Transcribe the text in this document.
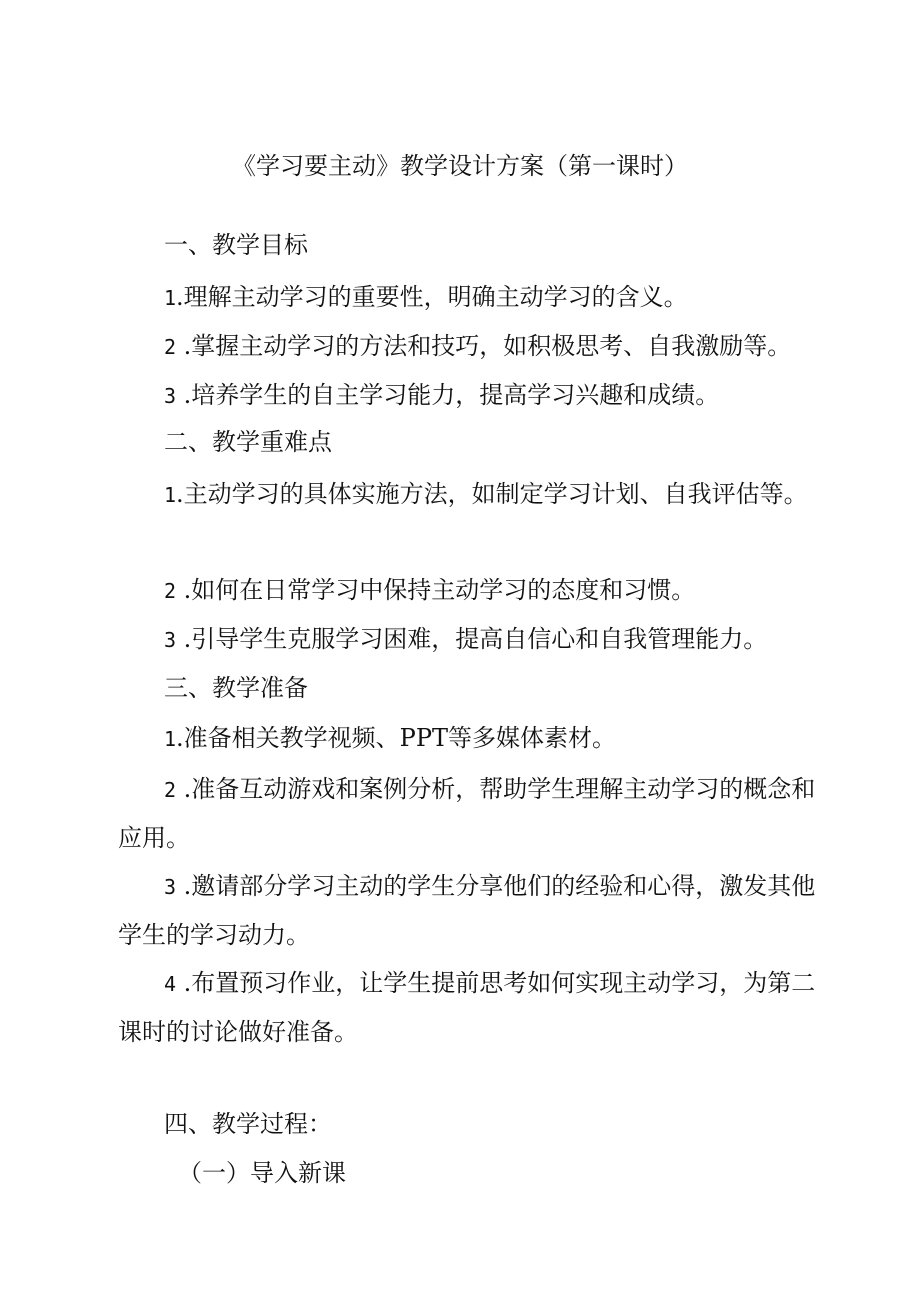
《学习要主动》教学设计方案（第一课时）
一、教学目标
1.理解主动学习的重要性，明确主动学习的含义。
2 .掌握主动学习的方法和技巧，如积极思考、自我激励等。
3 .培养学生的自主学习能力，提高学习兴趣和成绩。
二、教学重难点
1.主动学习的具体实施方法，如制定学习计划、自我评估等。
2 .如何在日常学习中保持主动学习的态度和习惯。
3 .引导学生克服学习困难，提高自信心和自我管理能力。
三、教学准备
1.准备相关教学视频、PPT等多媒体素材。
2 .准备互动游戏和案例分析，帮助学生理解主动学习的概念和应用。
3 .邀请部分学习主动的学生分享他们的经验和心得，激发其他学生的学习动力。
4 .布置预习作业，让学生提前思考如何实现主动学习，为第二课时的讨论做好准备。
四、教学过程：
（一）导入新课
